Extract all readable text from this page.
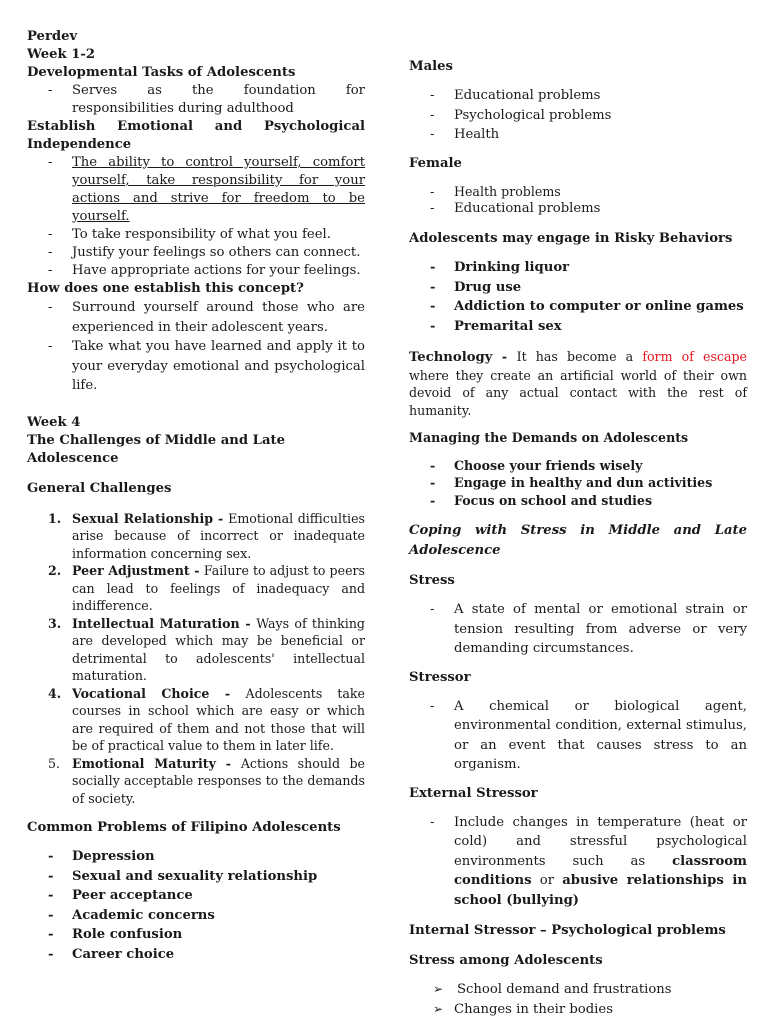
Perdev
Week 1-2
Developmental Tasks of Adolescents
- Serves as the foundation for responsibilities during adulthood
Establish Emotional and Psychological Independence
- The ability to control yourself, comfort yourself, take responsibility for your actions and strive for freedom to be yourself.
- To take responsibility of what you feel.
- Justify your feelings so others can connect.
- Have appropriate actions for your feelings.
How does one establish this concept?
- Surround yourself around those who are experienced in their adolescent years.
- Take what you have learned and apply it to your everyday emotional and psychological life.
Week 4
The Challenges of Middle and Late Adolescence
General Challenges
1. Sexual Relationship - Emotional difficulties arise because of incorrect or inadequate information concerning sex.
2. Peer Adjustment - Failure to adjust to peers can lead to feelings of inadequacy and indifference.
3. Intellectual Maturation - Ways of thinking are developed which may be beneficial or detrimental to adolescents' intellectual maturation.
4. Vocational Choice - Adolescents take courses in school which are easy or which are required of them and not those that will be of practical value to them in later life.
5. Emotional Maturity - Actions should be socially acceptable responses to the demands of society.
Common Problems of Filipino Adolescents
- Depression
- Sexual and sexuality relationship
- Peer acceptance
- Academic concerns
- Role confusion
- Career choice
Males
- Educational problems
- Psychological problems
- Health
Female
- Health problems
- Educational problems
Adolescents may engage in Risky Behaviors
- Drinking liquor
- Drug use
- Addiction to computer or online games
- Premarital sex
Technology - It has become a form of escape where they create an artificial world of their own devoid of any actual contact with the rest of humanity.
Managing the Demands on Adolescents
- Choose your friends wisely
- Engage in healthy and dun activities
- Focus on school and studies
Coping with Stress in Middle and Late Adolescence
Stress
- A state of mental or emotional strain or tension resulting from adverse or very demanding circumstances.
Stressor
- A chemical or biological agent, environmental condition, external stimulus, or an event that causes stress to an organism.
External Stressor
- Include changes in temperature (heat or cold) and stressful psychological environments such as classroom conditions or abusive relationships in school (bullying)
Internal Stressor – Psychological problems
Stress among Adolescents
➢ School demand and frustrations
➢ Changes in their bodies
